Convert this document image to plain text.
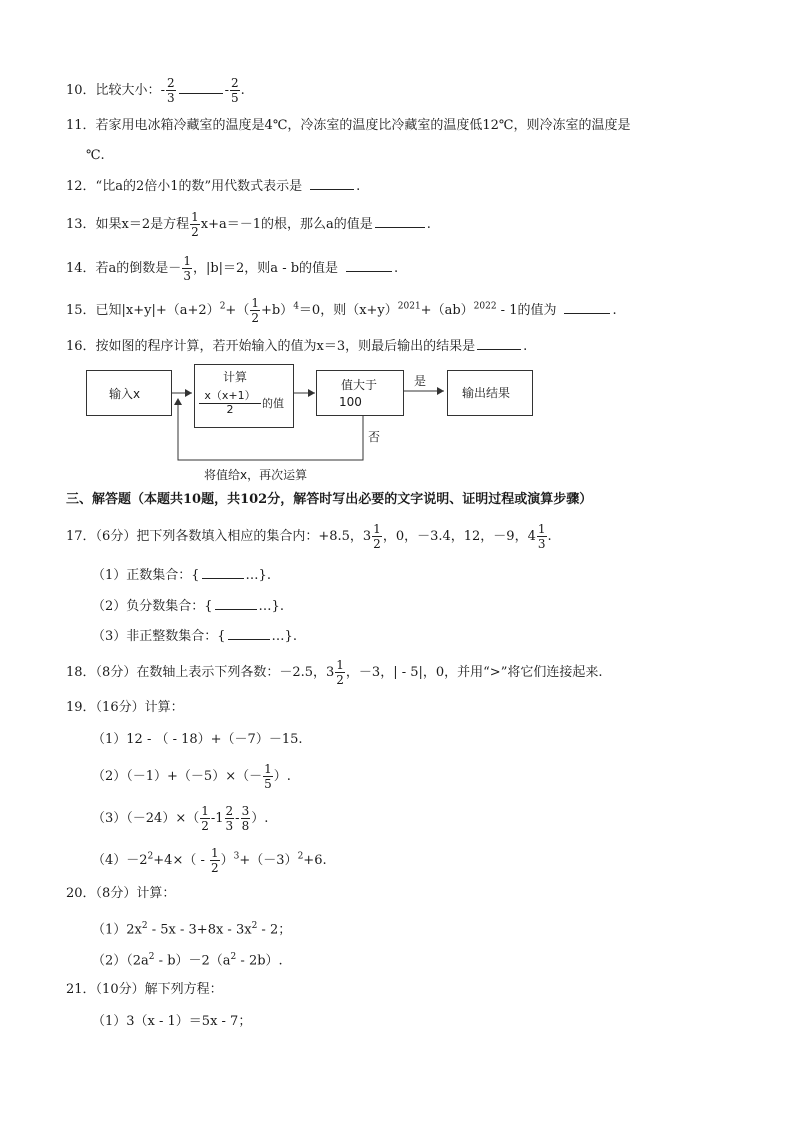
10．比较大小：- $\frac{2}{3}$	- $\frac{2}{5}$ .
11．若家用电冰箱冷藏室的温度是4℃，冷冻室的温度比冷藏室的温度低12℃，则冷冻室的温度是
℃.
12．“比a的2倍小1的数”用代数式表示是	.
13．如果x＝2是方程 $\frac{1}{2} x+a=-1$的根，那么a的值是	.
14．若a的倒数是－ $\frac{1}{3}$ ，|b|＝2，则a - b的值是	.
15．已知$|x+y|+(a+2)^2+( \frac{1}{2} +b)^4=0$，则$(x+y)^{2021}+(ab)^{2022} - 1$的值为	.
16．按如图的程序计算，若开始输入的值为x＝3，则最后输出的结果是	.
输入x
计算
x（x+1）
2	的值
值大于
100
是
否
输出结果
将值给x，再次运算
三、解答题（本题共10题，共102分，解答时写出必要的文字说明、证明过程或演算步骤）
17．（6分）把下列各数填入相应的集合内：+8.5，$3 \frac{1}{2}$ ，0，－3.4，12，－9，$4 \frac{1}{3}$ .
（1）正数集合：{	…}.
（2）负分数集合：{	…}.
（3）非正整数集合：{	…}.
18．（8分）在数轴上表示下列各数：－2.5，$3 \frac{1}{2}$ ，－3，| - 5|，0，并用“>”将它们连接起来.
19．（16分）计算：
（1）12 - （ - 18）+（－7）－15.
$(2)(-1)+(-5)\times(- \frac{1}{5}$ ）.
$(3)(-24)\times( \frac{1}{2} -1 \frac{2}{3} - \frac{3}{8}$ ）.
$(4)-2^2+4\times( - \frac{1}{2} )^3+(-3)^2+6$.
20．（8分）计算：
$(1)2x^2 - 5x - 3+8x - 3x^2 - 2$；
$(2)(2a^2 - b)-2(a^2 - 2b)$.
21．（10分）解下列方程：
（1）3（x - 1）＝5x - 7；
